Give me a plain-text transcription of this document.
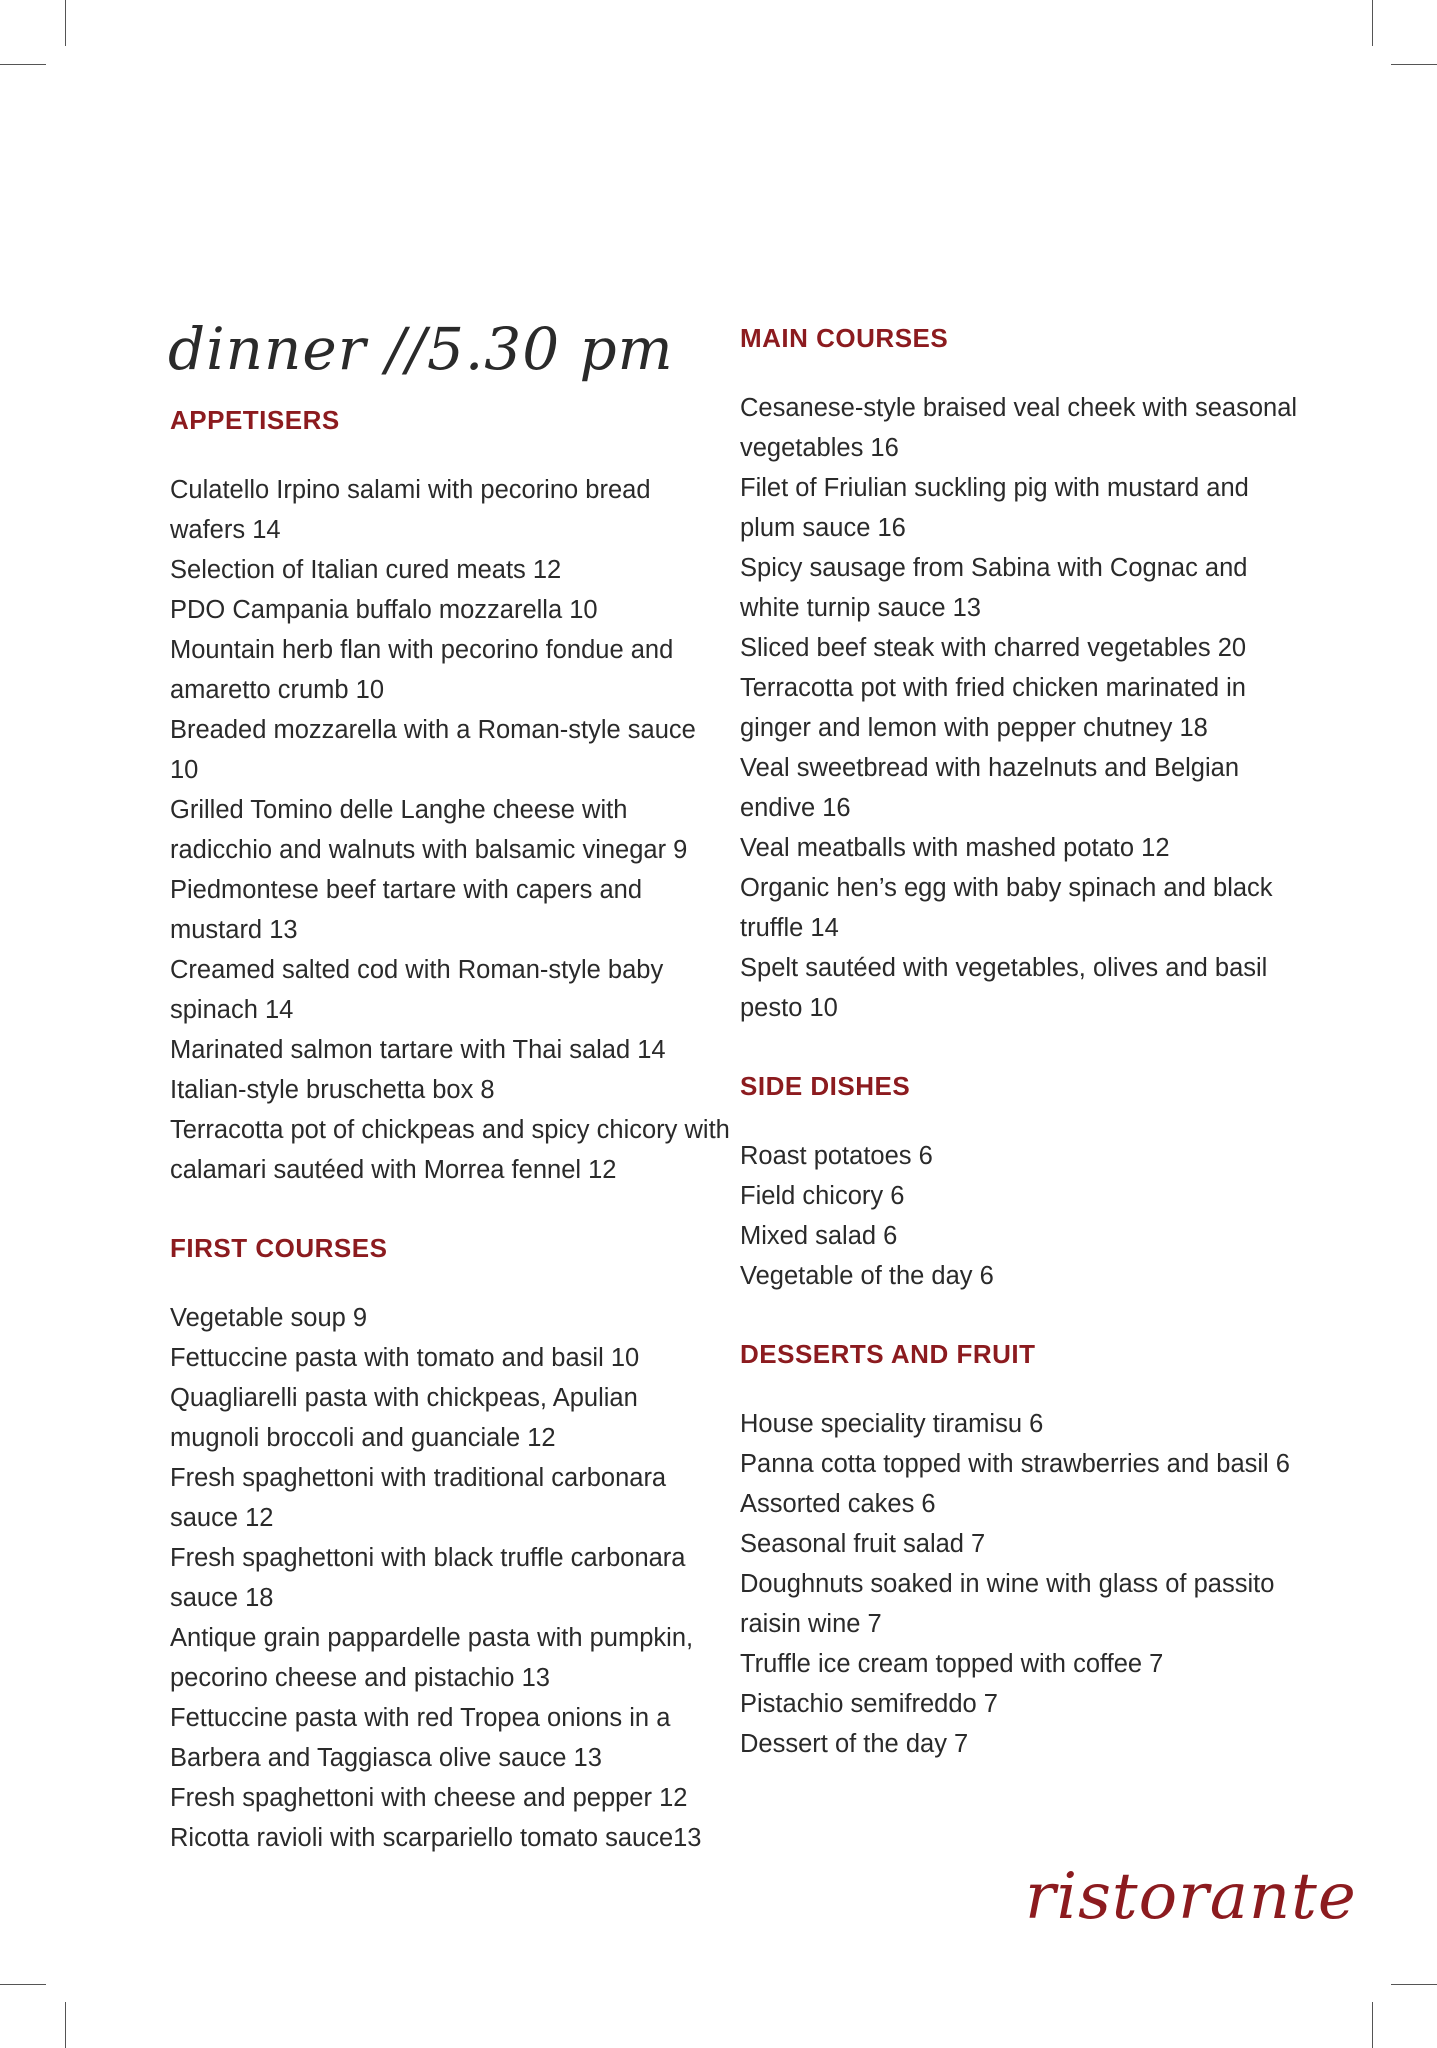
dinner //5.30 pm
APPETISERS
Culatello Irpino salami with pecorino bread wafers 14
Selection of Italian cured meats 12
PDO Campania buffalo mozzarella 10
Mountain herb flan with pecorino fondue and amaretto crumb 10
Breaded mozzarella with a Roman-style sauce 10
Grilled Tomino delle Langhe cheese with radicchio and walnuts with balsamic vinegar 9
Piedmontese beef tartare with capers and mustard 13
Creamed salted cod with Roman-style baby spinach 14
Marinated salmon tartare with Thai salad 14
Italian-style bruschetta box 8
Terracotta pot of chickpeas and spicy chicory with calamari sautéed with Morrea fennel 12
FIRST COURSES
Vegetable soup 9
Fettuccine pasta with tomato and basil 10
Quagliarelli pasta with chickpeas, Apulian mugnoli broccoli and guanciale 12
Fresh spaghettoni with traditional carbonara sauce 12
Fresh spaghettoni with black truffle carbonara sauce 18
Antique grain pappardelle pasta with pumpkin, pecorino cheese and pistachio 13
Fettuccine pasta with red Tropea onions in a Barbera and Taggiasca olive sauce 13
Fresh spaghettoni with cheese and pepper 12
Ricotta ravioli with scarpariello tomato sauce13
MAIN COURSES
Cesanese-style braised veal cheek with seasonal vegetables 16
Filet of Friulian suckling pig with mustard and plum sauce 16
Spicy sausage from Sabina with Cognac and white turnip sauce 13
Sliced beef steak with charred vegetables 20
Terracotta pot with fried chicken marinated in ginger and lemon with pepper chutney 18
Veal sweetbread with hazelnuts and Belgian endive 16
Veal meatballs with mashed potato 12
Organic hen’s egg with baby spinach and black truffle 14
Spelt sautéed with vegetables, olives and basil pesto 10
SIDE DISHES
Roast potatoes 6
Field chicory 6
Mixed salad 6
Vegetable of the day 6
DESSERTS AND FRUIT
House speciality tiramisu 6
Panna cotta topped with strawberries and basil 6
Assorted cakes 6
Seasonal fruit salad 7
Doughnuts soaked in wine with glass of passito raisin wine 7
Truffle ice cream topped with coffee 7
Pistachio semifreddo 7
Dessert of the day 7
ristorante
